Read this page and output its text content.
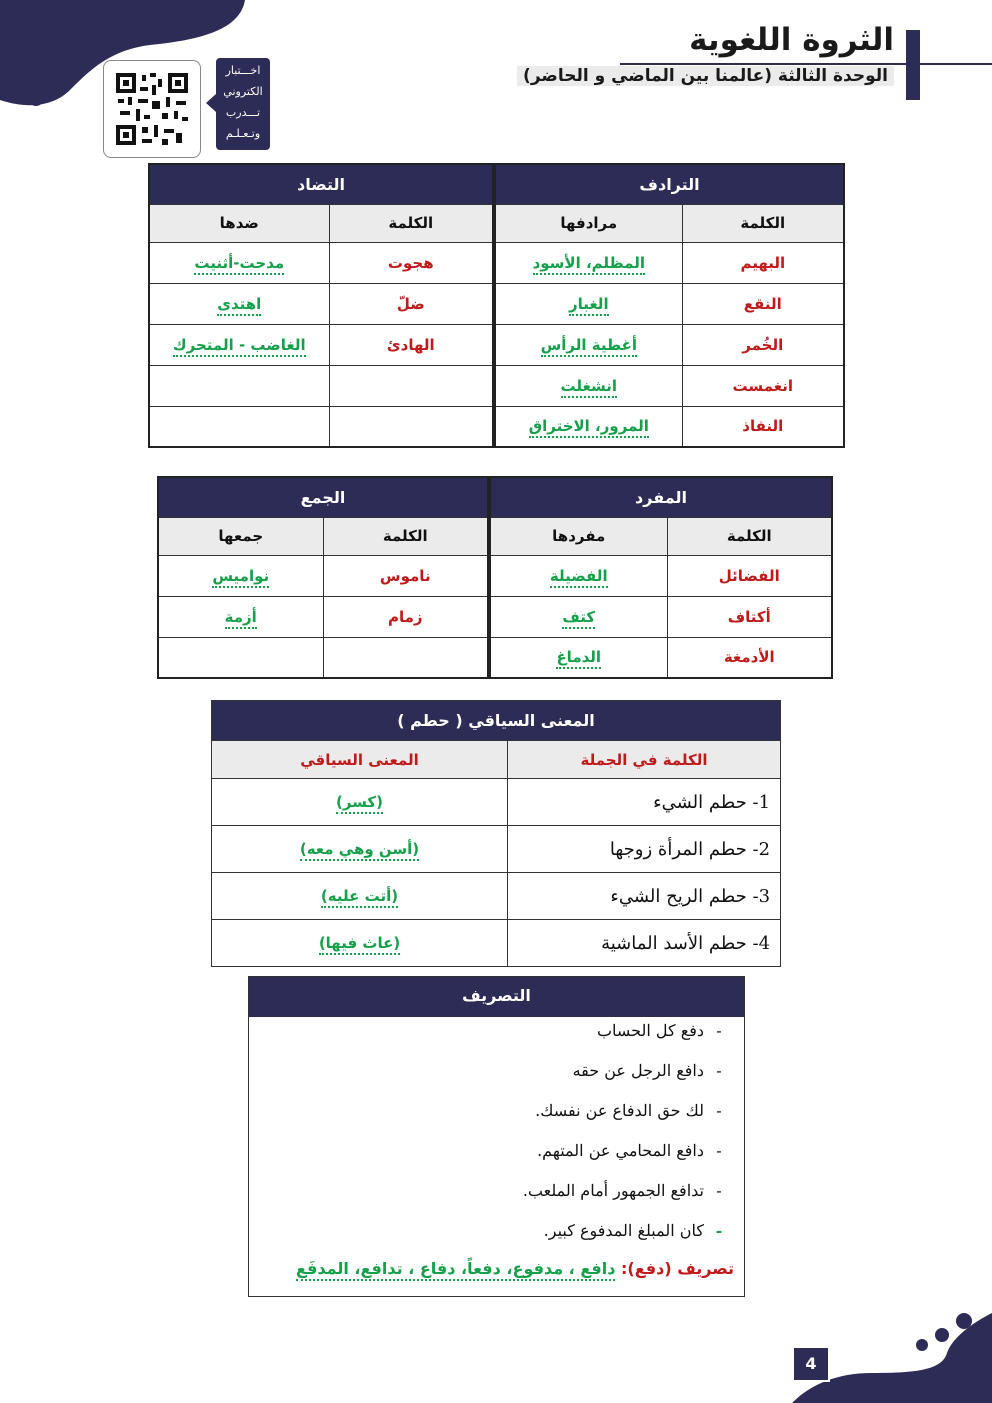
الثروة اللغوية
الوحدة الثالثة (عالمنا بين الماضي و الحاضر)
اخـــتبار
الكتروني
تـــدرب
وتـعـلـم
الترادف		التضاد	
الكلمة	مرادفها	الكلمة	ضدها
البهيم	المظلم، الأسود	هجوت	مدحت-أثنيت
النقع	الغبار	ضلّ	اهتدى
الخُمر	أغطية الرأس	الهادئ	الغاضب - المتحرك
انغمست	انشغلت		
النفاذ	المرور، الاختراق		
المفرد		الجمع	
الكلمة	مفردها	الكلمة	جمعها
الفضائل	الفضيلة	ناموس	نواميس
أكتاف	كتف	زمام	أزمة
الأدمغة	الدماغ		
المعنى السياقي ( حطم )	
الكلمة في الجملة	المعنى السياقي
1- حطم الشيء	(كسر)
2- حطم المرأة زوجها	(أسن وهي معه)
3- حطم الريح الشيء	(أتت عليه)
4- حطم الأسد الماشية	(عاث فيها)
التصريف
-دفع كل الحساب
-دافع الرجل عن حقه
-لك حق الدفاع عن نفسك.
-دافع المحامي عن المتهم.
-تدافع الجمهور أمام الملعب.
-كان المبلغ المدفوع كبير.
تصريف (دفع): دافع ، مدفوع، دفعاً، دفاع ، تدافع، المدفَع
4
